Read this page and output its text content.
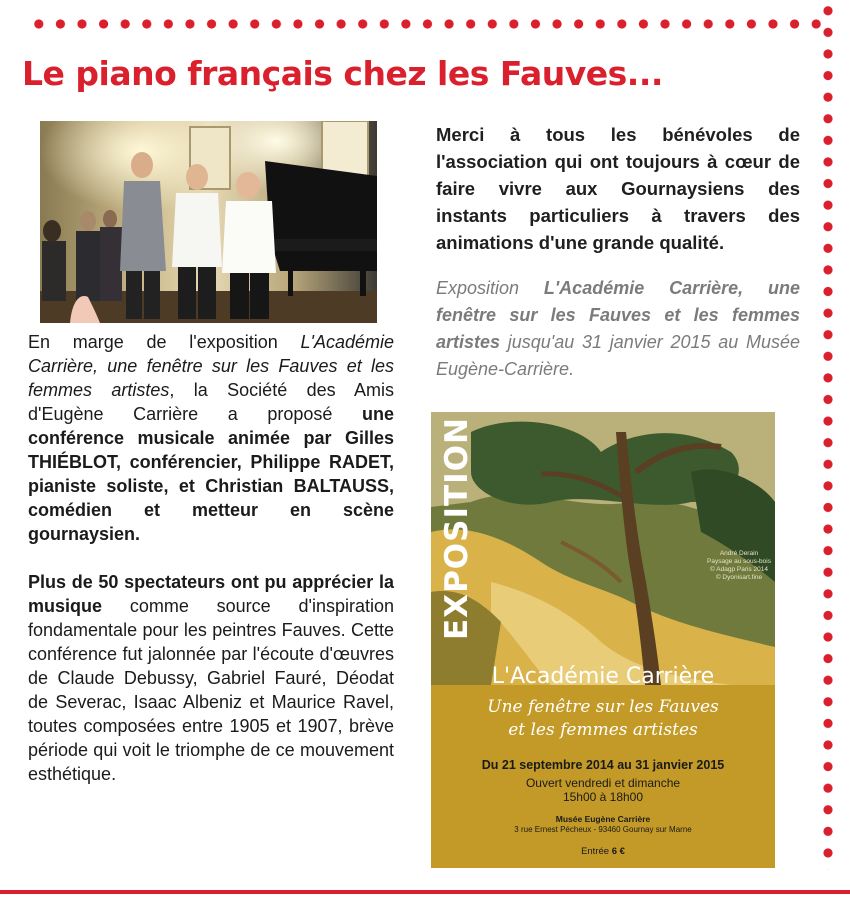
Le piano français chez les Fauves...

En marge de l'exposition L'Académie Carrière, une fenêtre sur les Fauves et les femmes artistes, la Société des Amis d'Eugène Carrière a proposé une conférence musicale animée par Gilles THIÉBLOT, conférencier, Philippe RADET, pianiste soliste, et Christian BALTAUSS, comédien et metteur en scène gournaysien.

Plus de 50 spectateurs ont pu apprécier la musique comme source d'inspiration fondamentale pour les peintres Fauves. Cette conférence fut jalonnée par l'écoute d'œuvres de Claude Debussy, Gabriel Fauré, Déodat de Severac, Isaac Albeniz et Maurice Ravel, toutes composées entre 1905 et 1907, brève période qui voit le triomphe de ce mouvement esthétique.

Merci à tous les bénévoles de l'association qui ont toujours à cœur de faire vivre aux Gournaysiens des instants particuliers à travers des animations d'une grande qualité.

Exposition L'Académie Carrière, une fenêtre sur les Fauves et les femmes artistes jusqu'au 31 janvier 2015 au Musée Eugène-Carrière.

André Derain
Paysage au sous-bois
© Adagp Paris 2014
© Dyonisart.fine
EXPOSITION
L'Académie Carrière
Une fenêtre sur les Fauves
et les femmes artistes
Du 21 septembre 2014 au 31 janvier 2015
Ouvert vendredi et dimanche
15h00 à 18h00
Musée Eugène Carrière
3 rue Ernest Pécheux - 93460 Gournay sur Marne
Entrée 6 €
